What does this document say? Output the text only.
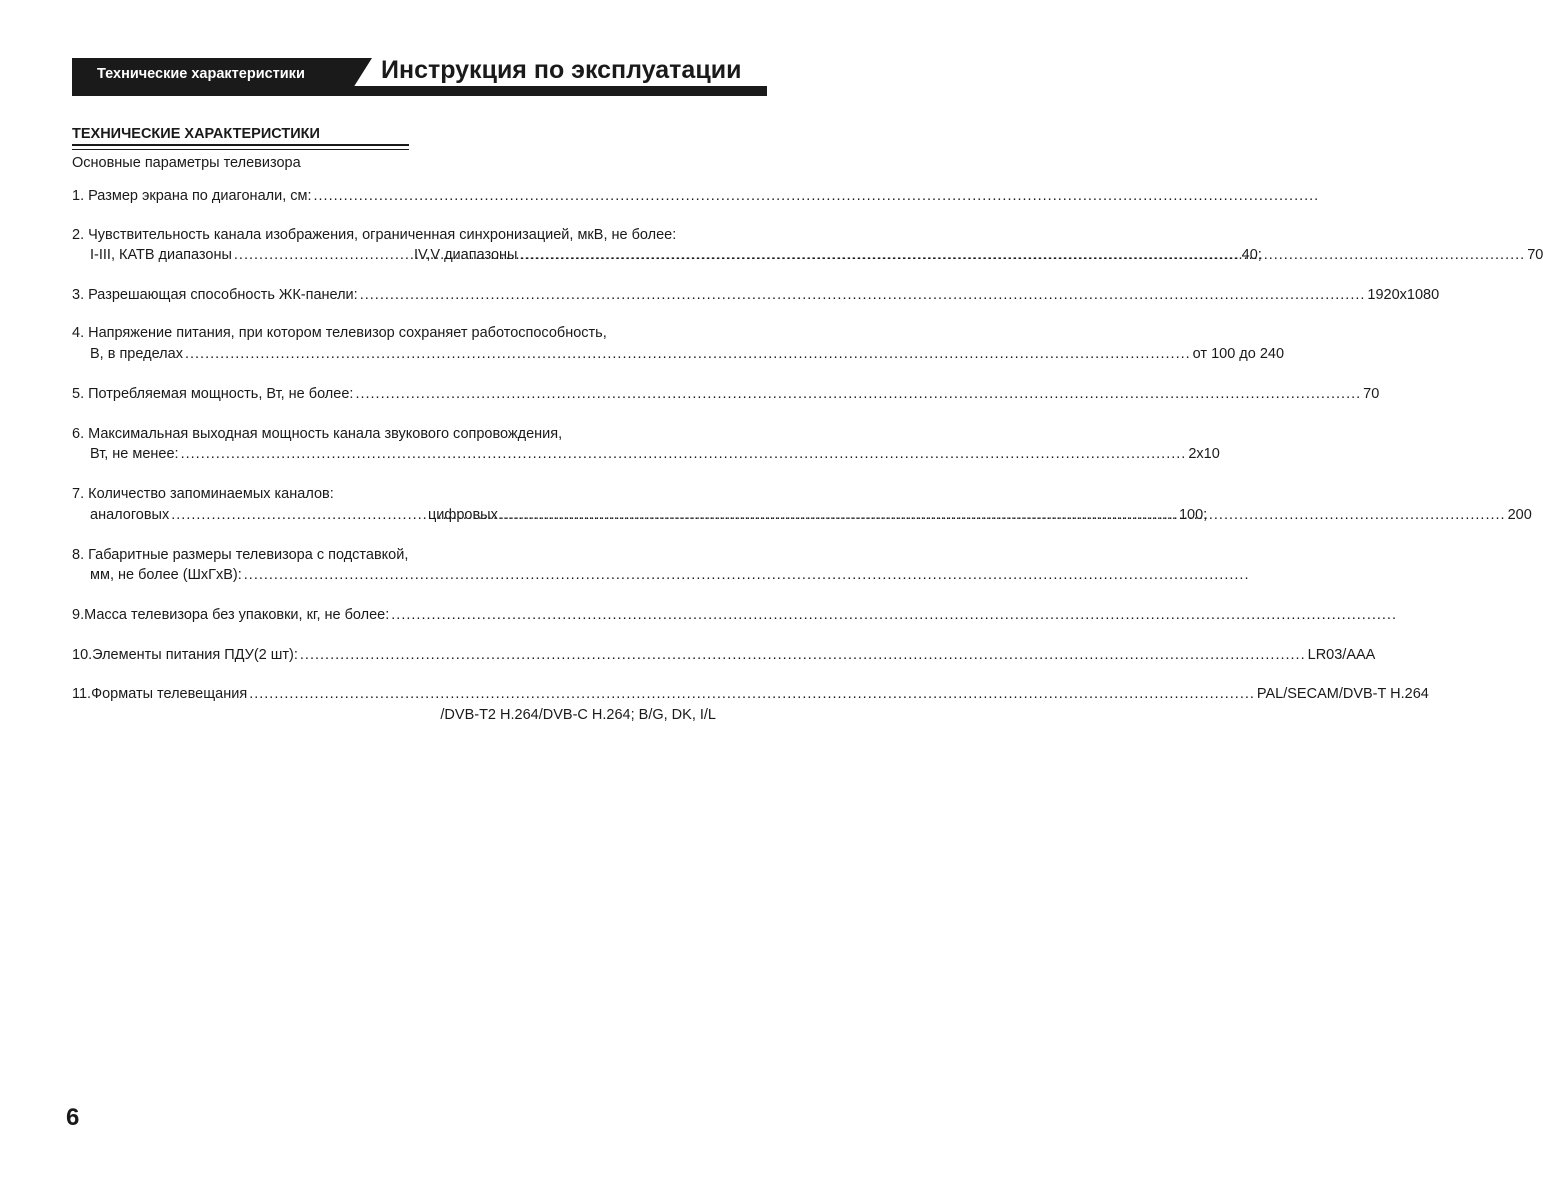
Технические характеристики	Инструкция по эксплуатации
ТЕХНИЧЕСКИЕ ХАРАКТЕРИСТИКИ
Основные параметры телевизора
1. Размер экрана по диагонали, см:
.....
2. Чувствительность канала изображения, ограниченная синхронизацией, мкВ, не более:
I-III, КАТВ диапазоны .....	40;
IV,V диапазоны .....	70
3. Разрешающая способность ЖК-панели: .....	1920x1080
4. Напряжение питания, при котором телевизор сохраняет работоспособность,
В, в пределах .....	от 100 до 240
5. Потребляемая мощность, Вт, не более: .....	70
6. Максимальная выходная мощность канала звукового сопровождения,
Вт, не менее: .....	2x10
7. Количество запоминаемых каналов:
аналоговых .....	100;
цифровых .....	200
8. Габаритные размеры телевизора с подставкой,
мм, не более (ШхГхВ):
.....
9.Масса телевизора без упаковки, кг, не более:
.....
10.Элементы питания ПДУ(2 шт): .....	LR03/AAA
11.Форматы телевещания .....	PAL/SECAM/DVB-T H.264
/DVB-T2 H.264/DVB-C H.264; B/G, DK, I/L
6
